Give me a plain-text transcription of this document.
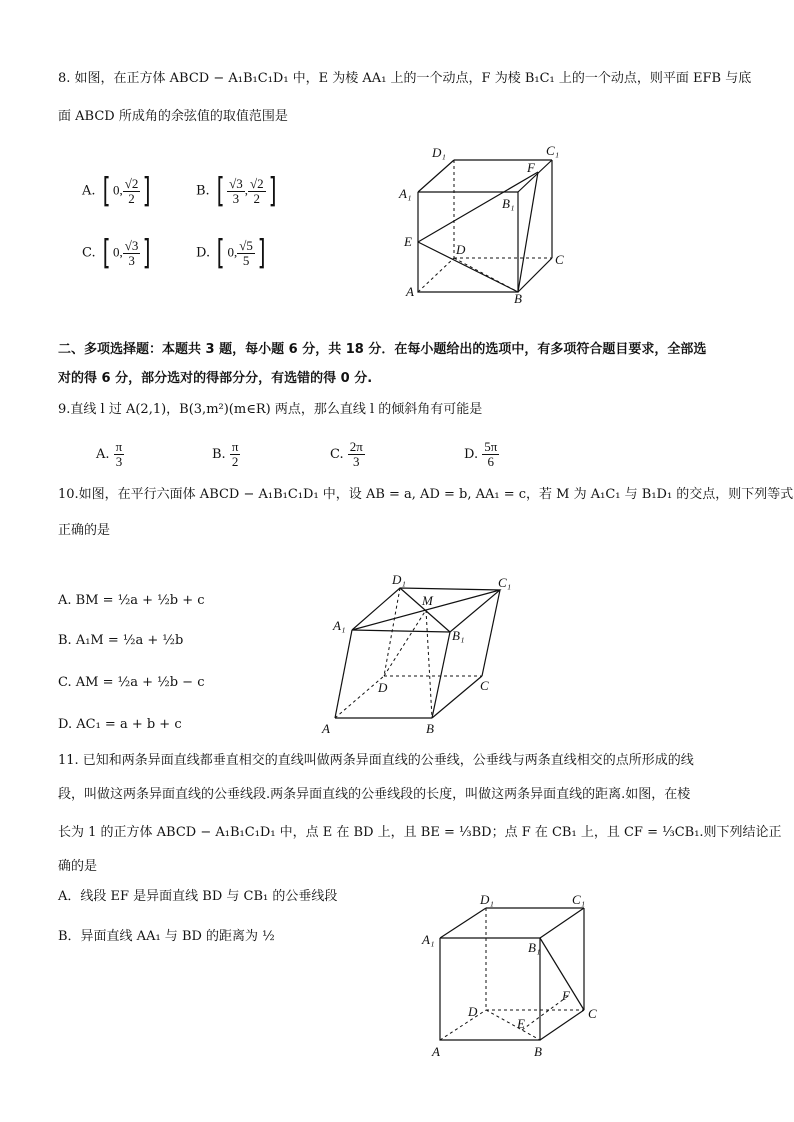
8. 如图，在正方体 ABCD − A₁B₁C₁D₁ 中，E 为棱 AA₁ 上的一个动点，F 为棱 B₁C₁ 上的一个动点，则平面 EFB 与底
面 ABCD 所成角的余弦值的取值范围是
A. [ 0, $\frac{√2}{2}$ ]	B. [ $\frac{√3}{3}$ , $\frac{√2}{2}$ ]
C. [ 0, $\frac{√3}{3}$ ]	D. [ 0, $\frac{√5}{5}$ ]
D₁	C₁
A₁
B₁
F
E
D
C
A	B
二、多项选择题：本题共 3 题，每小题 6 分，共 18 分．在每小题给出的选项中，有多项符合题目要求，全部选
对的得 6 分，部分选对的得部分分，有选错的得 0 分.
9.直线 l 过 A(2,1)，B(3,m²)(m∈R) 两点，那么直线 l 的倾斜角有可能是
A. $\frac{\pi}{3}$	B. $\frac{\pi}{2}$	C. $\frac{2\pi}{3}$	D. $\frac{5\pi}{6}$
10.如图，在平行六面体 ABCD − A₁B₁C₁D₁ 中，设 AB = a, AD = b, AA₁ = c，若 M 为 A₁C₁ 与 B₁D₁ 的交点，则下列等式
正确的是
A. BM = ½a + ½b + c
B. A₁M = ½a + ½b
C. AM = ½a + ½b − c
D. AC₁ = a + b + c
D₁	C₁
M
A₁
B₁
D	C
A	B
11. 已知和两条异面直线都垂直相交的直线叫做两条异面直线的公垂线，公垂线与两条直线相交的点所形成的线
段，叫做这两条异面直线的公垂线段.两条异面直线的公垂线段的长度，叫做这两条异面直线的距离.如图，在棱
长为 1 的正方体 ABCD − A₁B₁C₁D₁ 中，点 E 在 BD 上，且 BE = ⅓BD；点 F 在 CB₁ 上，且 CF = ⅓CB₁.则下列结论正
确的是
A．线段 EF 是异面直线 BD 与 CB₁ 的公垂线段
B．异面直线 AA₁ 与 BD 的距离为 ½
D₁	C₁
A₁
B₁
F
D
E
C
A	B
